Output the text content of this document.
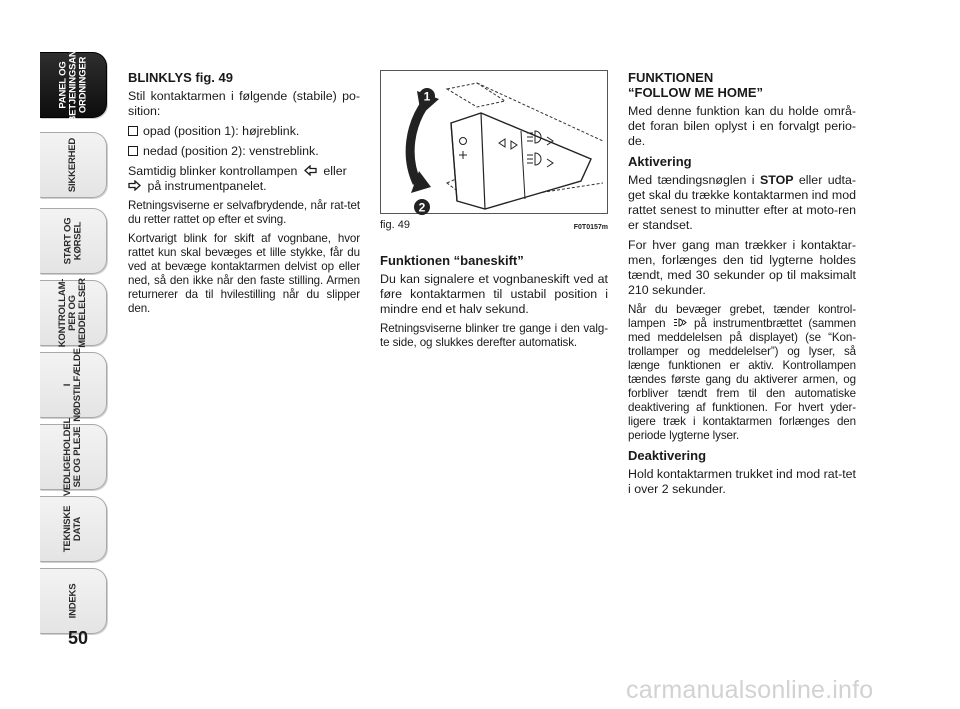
PANEL OG
BETJENINGSAN-
ORDNINGER
SIKKERHED
START OG
KØRSEL
KONTROLLAM-
PER OG
MEDDELELSER
I
NØDSTILFÆLDE
VEDLIGEHOLDEL
SE OG PLEJE
TEKNISKE
DATA
INDEKS
50
BLINKLYS fig. 49

Stil kontaktarmen i følgende (stabile) po-sition:

opad (position 1): højreblink.
nedad (position 2): venstreblink.

Samtidig blinker kontrollampen eller
på instrumentpanelet.

Retningsviserne er selvafbrydende, når rat-tet du retter rattet op efter et sving.

Kortvarigt blink for skift af vognbane, hvor rattet kun skal bevæges et lille stykke, får du ved at bevæge kontaktarmen delvist op eller ned, så den ikke når den faste stilling. Armen returnerer da til hvilestilling når du slipper den.

1
2
fig. 49	F0T0157m
Funktionen “baneskift”

Du kan signalere et vognbaneskift ved at føre kontaktarmen til ustabil position i mindre end et halv sekund.

Retningsviserne blinker tre gange i den valg-te side, og slukkes derefter automatisk.

FUNKTIONEN
“FOLLOW ME HOME”

Med denne funktion kan du holde områ-det foran bilen oplyst i en forvalgt perio-de.

Aktivering

Med tændingsnøglen i STOP eller udta-get skal du trække kontaktarmen ind mod rattet senest to minutter efter at moto-ren er standset.

For hver gang man trækker i kontaktar-men, forlænges den tid lygterne holdes tændt, med 30 sekunder op til maksimalt 210 sekunder.

Når du bevæger grebet, tænder kontrol-lampen på instrumentbrættet (sammen med meddelelsen på displayet) (se “Kon-trollamper og meddelelser”) og lyser, så længe funktionen er aktiv. Kontrollampen tændes første gang du aktiverer armen, og forbliver tændt frem til den automatiske deaktivering af funktionen. For hvert yder-ligere træk i kontaktarmen forlænges den periode lygterne lyser.

Deaktivering

Hold kontaktarmen trukket ind mod rat-tet i over 2 sekunder.

carmanualsonline.info
